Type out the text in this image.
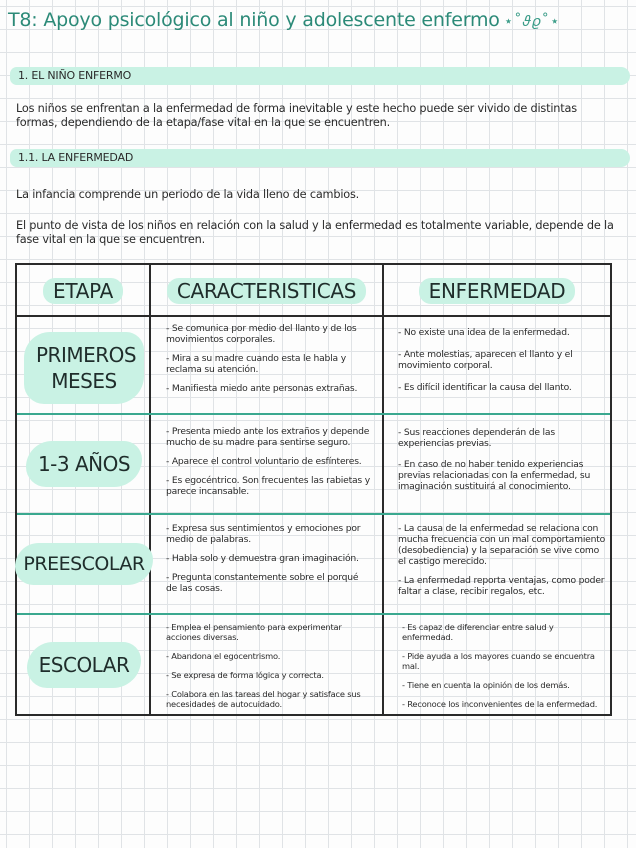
T8: Apoyo psicológico al niño y adolescente enfermo ⋆˚𝜗𝜚˚⋆
1. EL NIÑO ENFERMO
Los niños se enfrentan a la enfermedad de forma inevitable y este hecho puede ser vivido de distintas formas, dependiendo de la etapa/fase vital en la que se encuentren.
1.1. LA ENFERMEDAD
La infancia comprende un periodo de la vida lleno de cambios.
El punto de vista de los niños en relación con la salud y la enfermedad es totalmente variable, depende de la fase vital en la que se encuentren.
ETAPA	CARACTERISTICAS	ENFERMEDAD
PRIMEROS MESES

- Se comunica por medio del llanto y de los movimientos corporales.

- Mira a su madre cuando esta le habla y reclama su atención.

- Manifiesta miedo ante personas extrañas.

- No existe una idea de la enfermedad.

- Ante molestias, aparecen el llanto y el movimiento corporal.

- Es difícil identificar la causa del llanto.

1-3 AÑOS

- Presenta miedo ante los extraños y depende mucho de su madre para sentirse seguro.

- Aparece el control voluntario de esfínteres.

- Es egocéntrico. Son frecuentes las rabietas y parece incansable.

- Sus reacciones dependerán de las experiencias previas.

- En caso de no haber tenido experiencias previas relacionadas con la enfermedad, su imaginación sustituirá al conocimiento.

PREESCOLAR

- Expresa sus sentimientos y emociones por medio de palabras.

- Habla solo y demuestra gran imaginación.

- Pregunta constantemente sobre el porqué de las cosas.

- La causa de la enfermedad se relaciona con mucha frecuencia con un mal comportamiento (desobediencia) y la separación se vive como el castigo merecido.

- La enfermedad reporta ventajas, como poder faltar a clase, recibir regalos, etc.

ESCOLAR

- Emplea el pensamiento para experimentar acciones diversas.

- Abandona el egocentrismo.

- Se expresa de forma lógica y correcta.

- Colabora en las tareas del hogar y satisface sus necesidades de autocuidado.

- Es capaz de diferenciar entre salud y enfermedad.

- Pide ayuda a los mayores cuando se encuentra mal.

- Tiene en cuenta la opinión de los demás.

- Reconoce los inconvenientes de la enfermedad.
